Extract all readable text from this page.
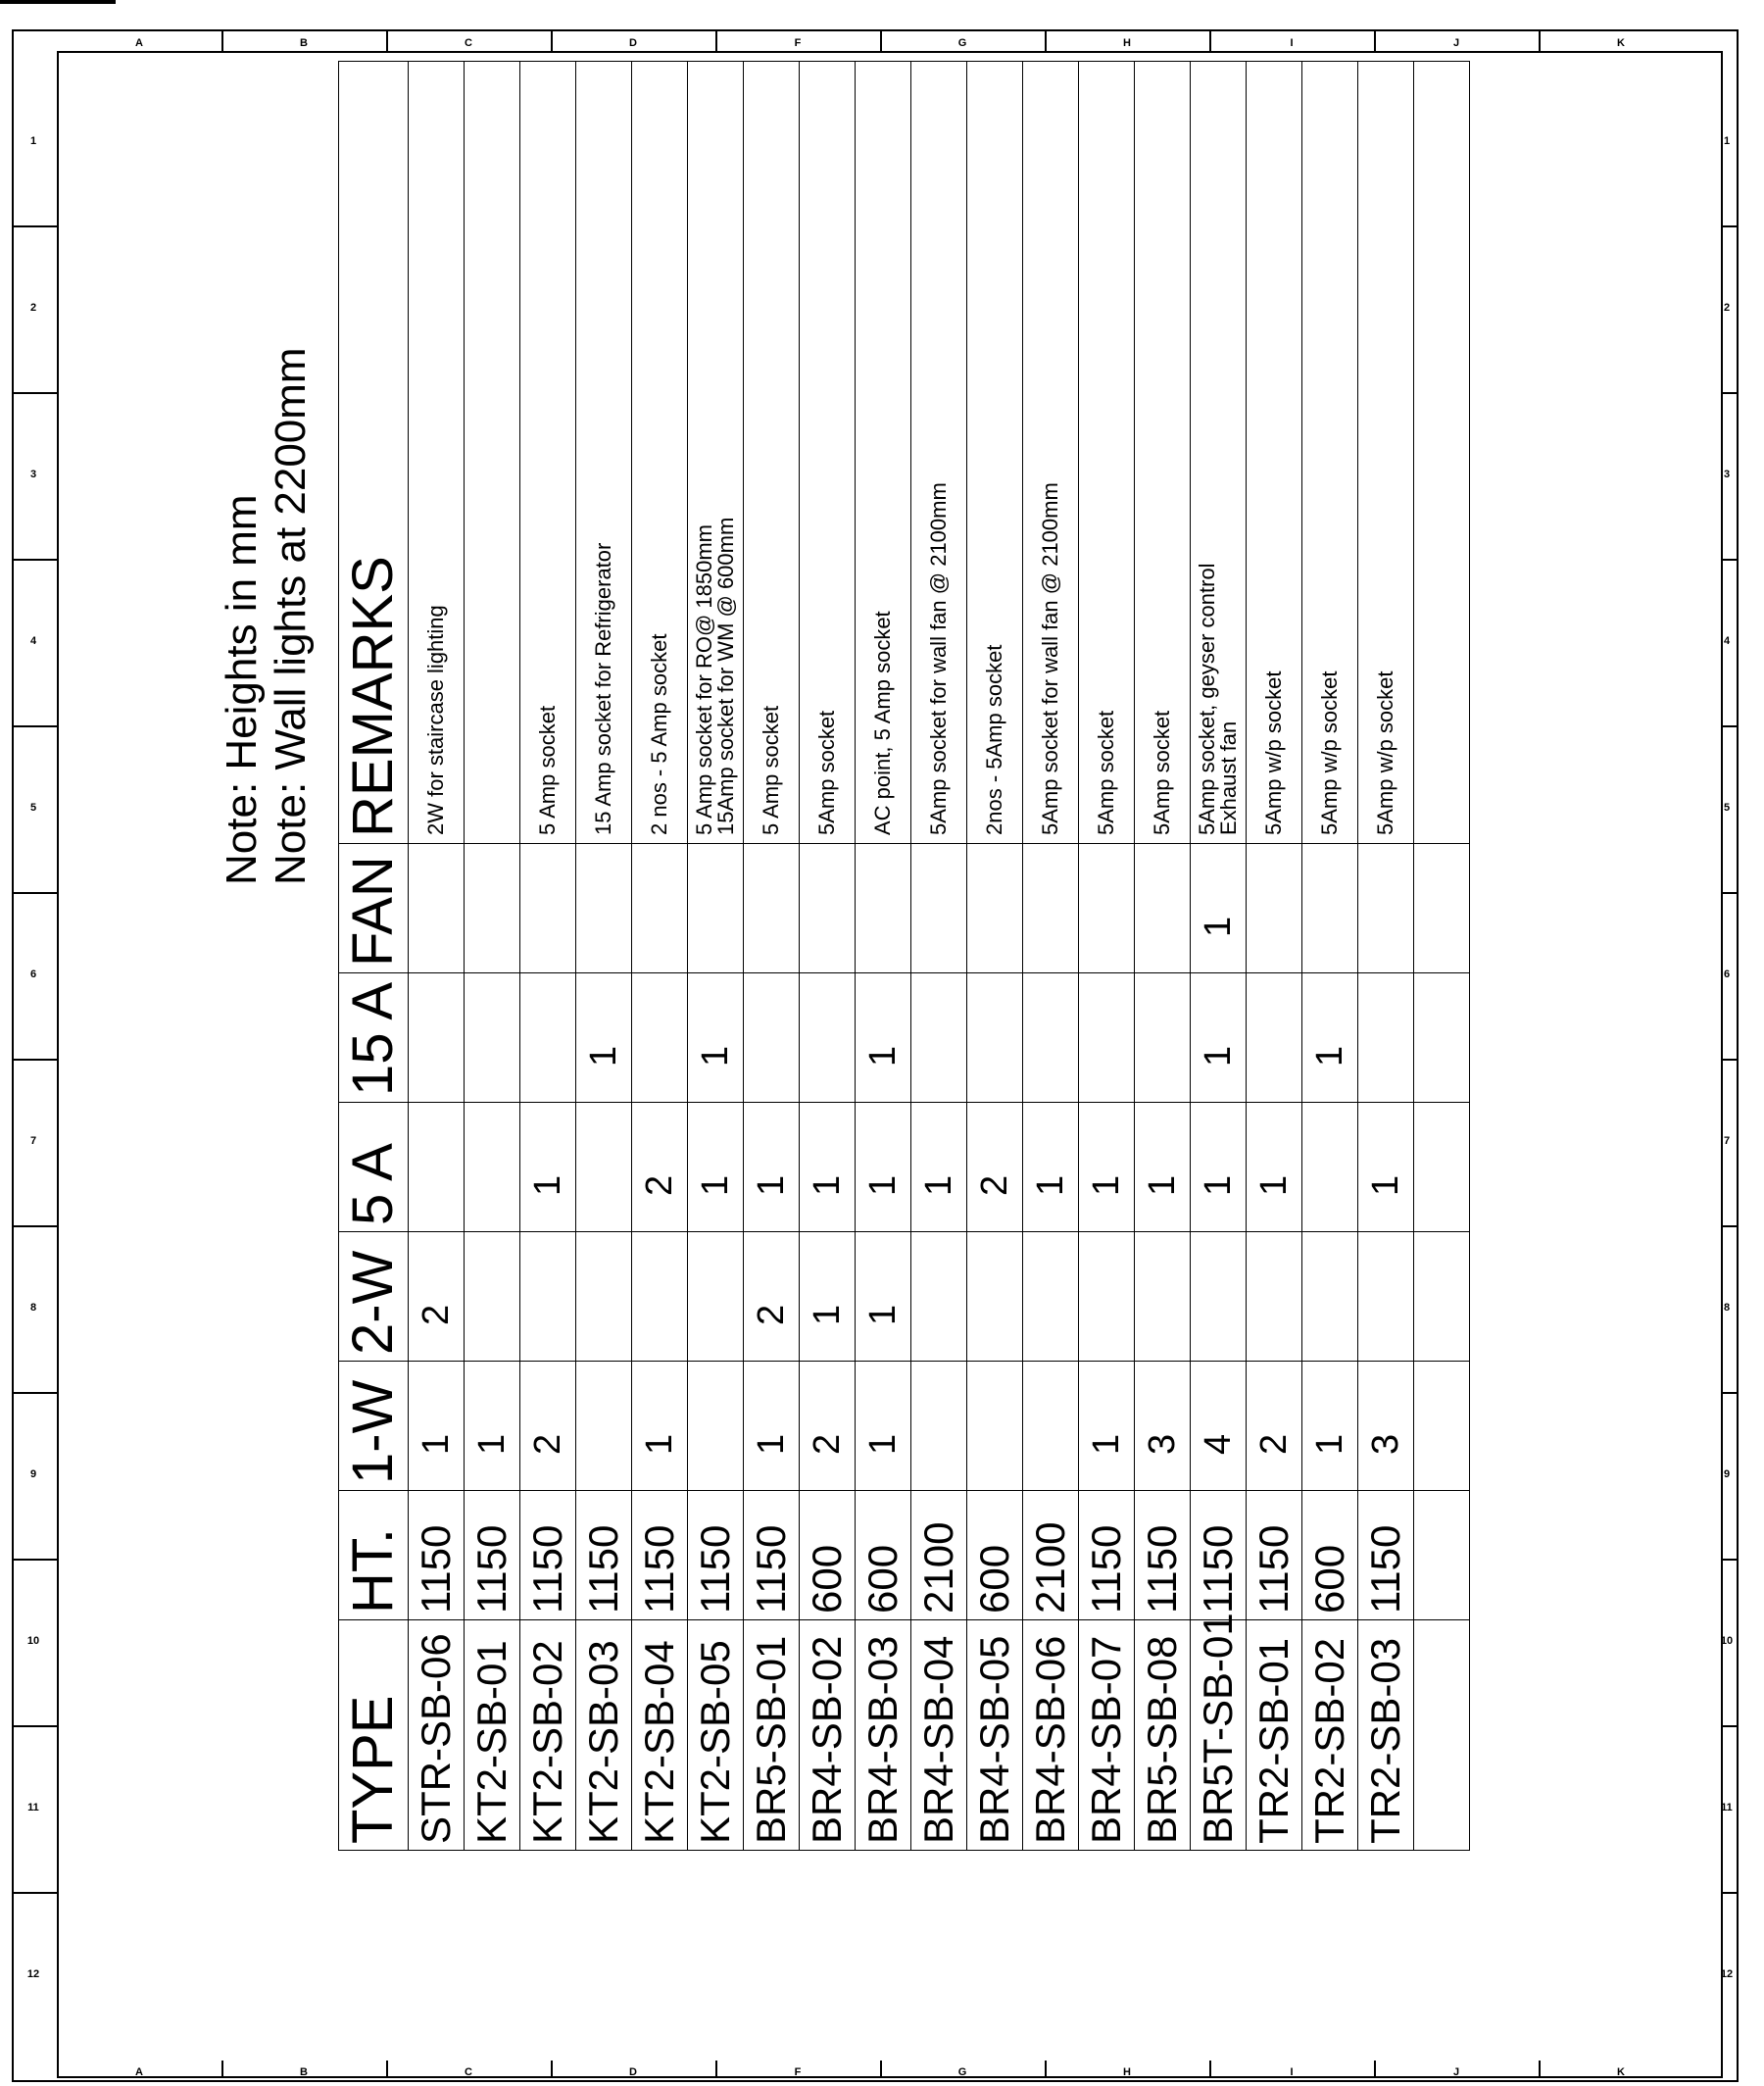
A
A
B
B
C
C
D
D
F
F
G
G
H
H
I
I
J
J
K
K
1	1
2	2
3	3
4	4
5	5
6	6
7	7
8	8
9	9
10	10
11	11
12	12
Note: Heights in mm Note: Wall lights at 2200mm
TYPE	HT.	1-W	2-W	5 A	15 A	FAN	REMARKS
STR-SB-06	1150	1	2				2W for staircase lighting

KT2-SB-01	1150	1					

KT2-SB-02	1150	2		1			5 Amp socket

KT2-SB-03	1150				1		15 Amp socket for Refrigerator

KT2-SB-04	1150	1		2			2 nos - 5 Amp socket

KT2-SB-05	1150			1	1		5 Amp socket for RO@ 1850mm
15Amp socket for WM @ 600mm

BR5-SB-01	1150	1	2	1			5 Amp socket

BR4-SB-02	600	2	1	1			5Amp socket

BR4-SB-03	600	1	1	1	1		AC point, 5 Amp socket

BR4-SB-04	2100			1			5Amp socket for wall fan @ 2100mm

BR4-SB-05	600			2			2nos - 5Amp socket

BR4-SB-06	2100			1			5Amp socket for wall fan @ 2100mm

BR4-SB-07	1150	1		1			5Amp socket

BR5-SB-08	1150	3		1			5Amp socket

BR5T-SB-01	1150	4		1	1	1	5Amp socket, geyser control
Exhaust fan

TR2-SB-01	1150	2		1			5Amp w/p socket

TR2-SB-02	600	1			1		5Amp w/p socket

TR2-SB-03	1150	3		1			5Amp w/p socket
